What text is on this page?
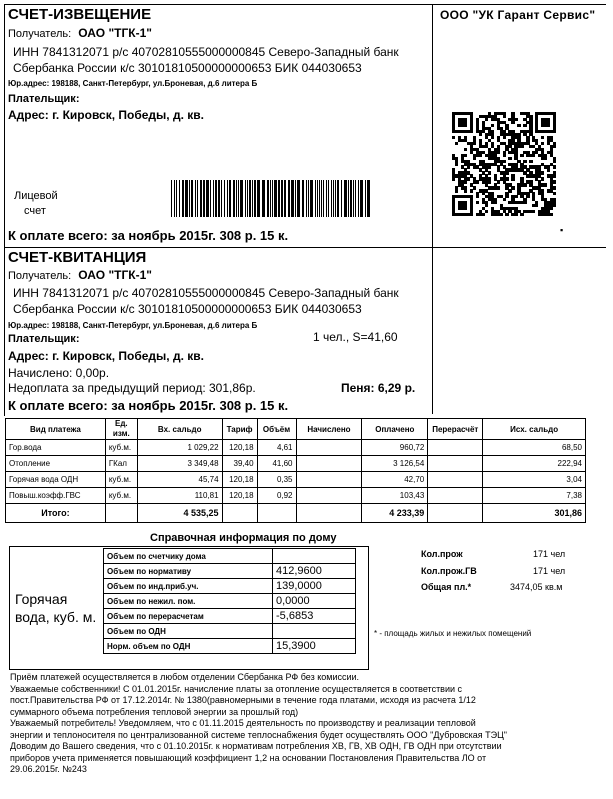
СЧЕТ-ИЗВЕЩЕНИЕ	ООО "УК Гарант Сервис"
Получатель: ОАО "ТГК-1"
ИНН 7841312071 р/с 40702810555000000845 Северо-Западный банк
Сбербанка России к/с 30101810500000000653 БИК 044030653
Юр.адрес: 198188, Санкт-Петербург, ул.Броневая, д.6 литера Б
Плательщик:
Адрес: г. Кировск, Победы, д. кв.
Лицевой
счет
▪
К оплате всего: за ноябрь 2015г. 308 р. 15 к.
СЧЕТ-КВИТАНЦИЯ
Получатель: ОАО "ТГК-1"
ИНН 7841312071 р/с 40702810555000000845 Северо-Западный банк
Сбербанка России к/с 30101810500000000653 БИК 044030653
Юр.адрес: 198188, Санкт-Петербург, ул.Броневая, д.6 литера Б
1 чел., S=41,60
Плательщик:
Адрес: г. Кировск, Победы, д. кв.
Начислено: 0,00р.
Недоплата за предыдущий период: 301,86р.	Пеня: 6,29 р.
К оплате всего: за ноябрь 2015г. 308 р. 15 к.
Вид платежа	Ед. изм.	Вх. сальдо	Тариф	Объём	Начислено	Оплачено	Перерасчёт	Исх. сальдо
Гор.вода	куб.м.	1 029,22	120,18	4,61		960,72		68,50
Отопление	ГКал	3 349,48	39,40	41,60		3 126,54		222,94
Горячая вода ОДН	куб.м.	45,74	120,18	0,35		42,70		3,04
Повыш.коэфф.ГВС	куб.м.	110,81	120,18	0,92		103,43		7,38
Итого:		4 535,25				4 233,39		301,86
Справочная информация по дому
Горячая
вода, куб. м.
Объем по счетчику дома	
Объем по нормативу	412,9600
Объем по инд.приб.уч.	139,0000
Объем по нежил. пом.	0,0000
Объем по перерасчетам	-5,6853
Объем по ОДН	
Норм. объем по ОДН	15,3900
Кол.прож	171 чел
Кол.прож.ГВ	171 чел
Общая пл.*	3474,05 кв.м
* - площадь жилых и нежилых помещений
Приём платежей осуществляется в любом отделении Сбербанка РФ без комиссии.
Уважаемые собственники! С 01.01.2015г. начисление платы за отопление осуществляется в соответствии с
пост.Правительства РФ от 17.12.2014г. № 1380(равномерными в течение года платами, исходя из расчета 1/12
суммарного объема потребления тепловой энергии за прошлый год)
Уважаемый потребитель! Уведомляем, что с 01.11.2015 деятельность по производству и реализации тепловой
энергии и теплоносителя по централизованной системе теплоснабжения будет осуществлять ООО "Дубровская ТЭЦ"
Доводим до Вашего сведения, что с 01.10.2015г. к нормативам потребления ХВ, ГВ, ХВ ОДН, ГВ ОДН при отсутствии
приборов учета применяется повышающий коэффициент 1,2 на основании Постановления Правительства ЛО от
29.06.2015г. №243
